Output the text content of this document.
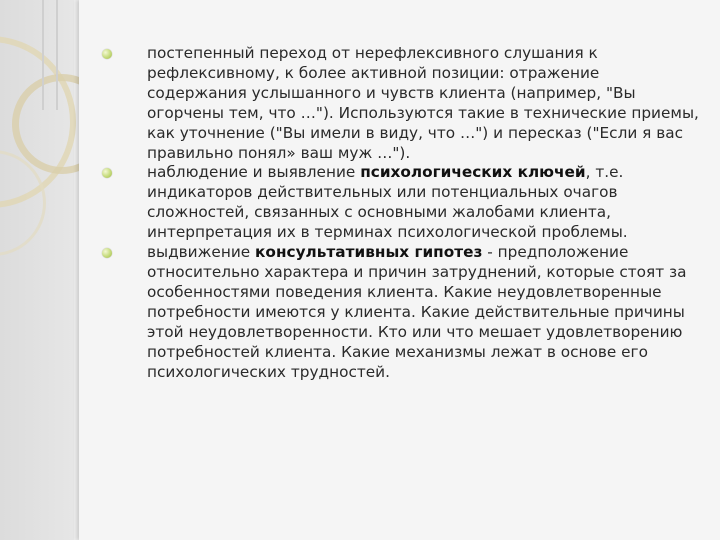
постепенный переход от нерефлексивного слушания к рефлексивному, к более активной позиции: отражение содержания услышанного и чувств клиента (например, "Вы огорчены тем, что …"). Используются такие в технические приемы, как уточнение ("Вы имели в виду, что …") и пересказ ("Если я вас правильно понял» ваш муж …").
наблюдение и выявление психологических ключей, т.е. индикаторов действительных или потенциальных очагов сложностей, связанных с основными жалобами клиента, интерпретация их в терминах психологической проблемы.
выдвижение консультативных гипотез - предположение относительно характера и причин затруднений, которые стоят за особенностями поведения клиента. Какие неудовлетворенные потребности имеются у клиента. Какие действительные причины этой неудовлетворенности. Кто или что мешает удовлетворению потребностей клиента. Какие механизмы лежат в основе его психологических трудностей.
